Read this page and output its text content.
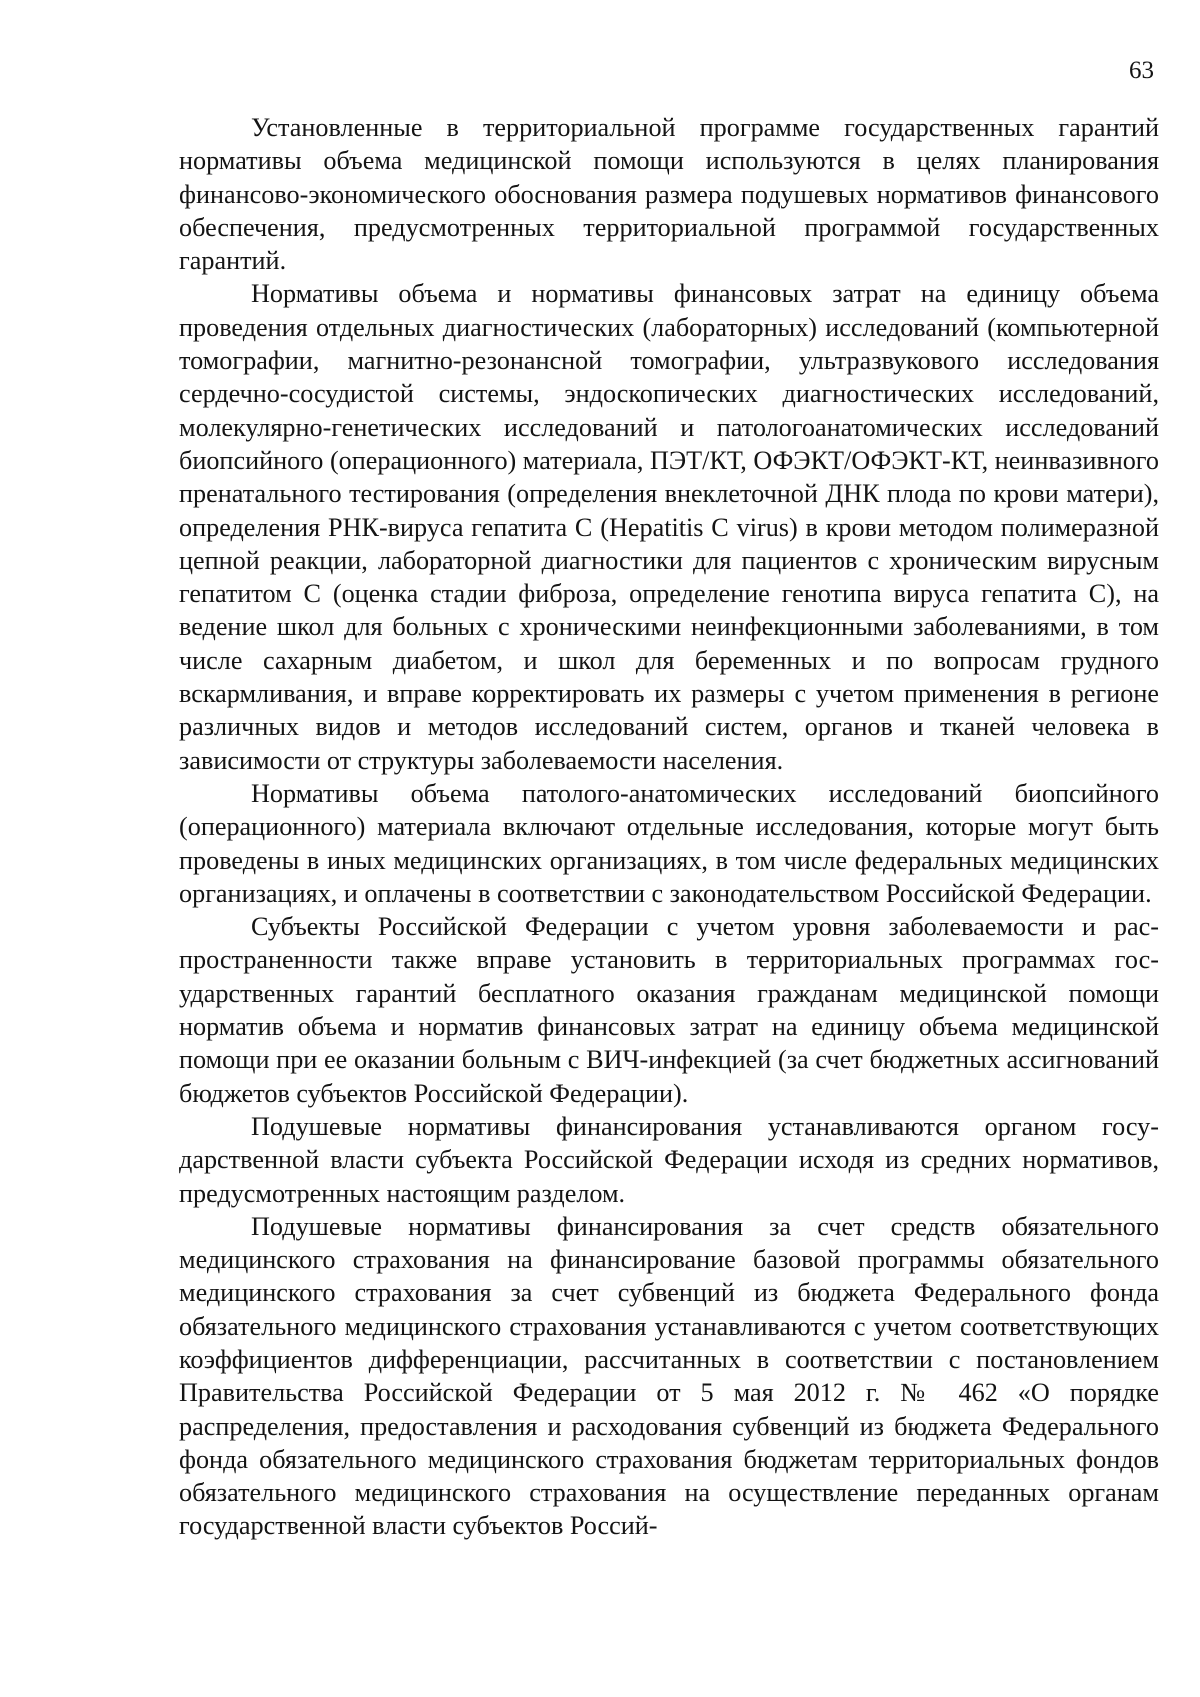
63

Установленные в территориальной программе государственных гарантий нормативы объема медицинской помощи используются в целях планирования финансово-экономического обоснования размера подушевых нормативов финансового обеспечения, предусмотренных территориальной программой государственных гарантий.

Нормативы объема и нормативы финансовых затрат на единицу объема проведения отдельных диагностических (лабораторных) исследований (компьютерной томографии, магнитно-резонансной томографии, ультразвукового исследования сердечно-сосудистой системы, эндоскопических диагностических исследований, молекулярно-генетических исследований и патологоанатомических исследований биопсийного (операционного) материала, ПЭТ/КТ, ОФЭКТ/ОФЭКТ-КТ, неинвазивного пренатального тестирования (определения внеклеточной ДНК плода по крови матери), определения РНК-вируса гепатита С (Hepatitis С virus) в крови методом полимеразной цепной реакции, лабораторной диагностики для пациентов с хроническим вирусным гепатитом С (оценка стадии фиброза, определение генотипа вируса гепатита С), на ведение школ для больных с хроническими неинфекционными заболеваниями, в том числе сахарным диабетом, и школ для беременных и по вопросам грудного вскармливания, и вправе корректировать их размеры с учетом применения в регионе различных видов и методов исследований систем, органов и тканей человека в зависимости от структуры заболеваемости населения.

Нормативы объема патолого-анатомических исследований биопсийного (операционного) материала включают отдельные исследования, которые могут быть проведены в иных медицинских организациях, в том числе федеральных медицинских организациях, и оплачены в соответствии с законодательством Российской Федерации.

Субъекты Российской Федерации с учетом уровня заболеваемости и распространенности также вправе установить в территориальных программах государственных гарантий бесплатного оказания гражданам медицинской помощи норматив объема и норматив финансовых затрат на единицу объема медицинской помощи при ее оказании больным с ВИЧ-инфекцией (за счет бюджетных ассигнований бюджетов субъектов Российской Федерации).

Подушевые нормативы финансирования устанавливаются органом государственной власти субъекта Российской Федерации исходя из средних нормативов, предусмотренных настоящим разделом.

Подушевые нормативы финансирования за счет средств обязательного медицинского страхования на финансирование базовой программы обязательного медицинского страхования за счет субвенций из бюджета Федерального фонда обязательного медицинского страхования устанавливаются с учетом соответствующих коэффициентов дифференциации, рассчитанных в соответствии с постановлением Правительства Российской Федерации от 5 мая 2012 г. № 462 «О порядке распределения, предоставления и расходования субвенций из бюджета Федерального фонда обязательного медицинского страхования бюджетам территориальных фондов обязательного медицинского страхования на осуществление переданных органам государственной власти субъектов Россий-
